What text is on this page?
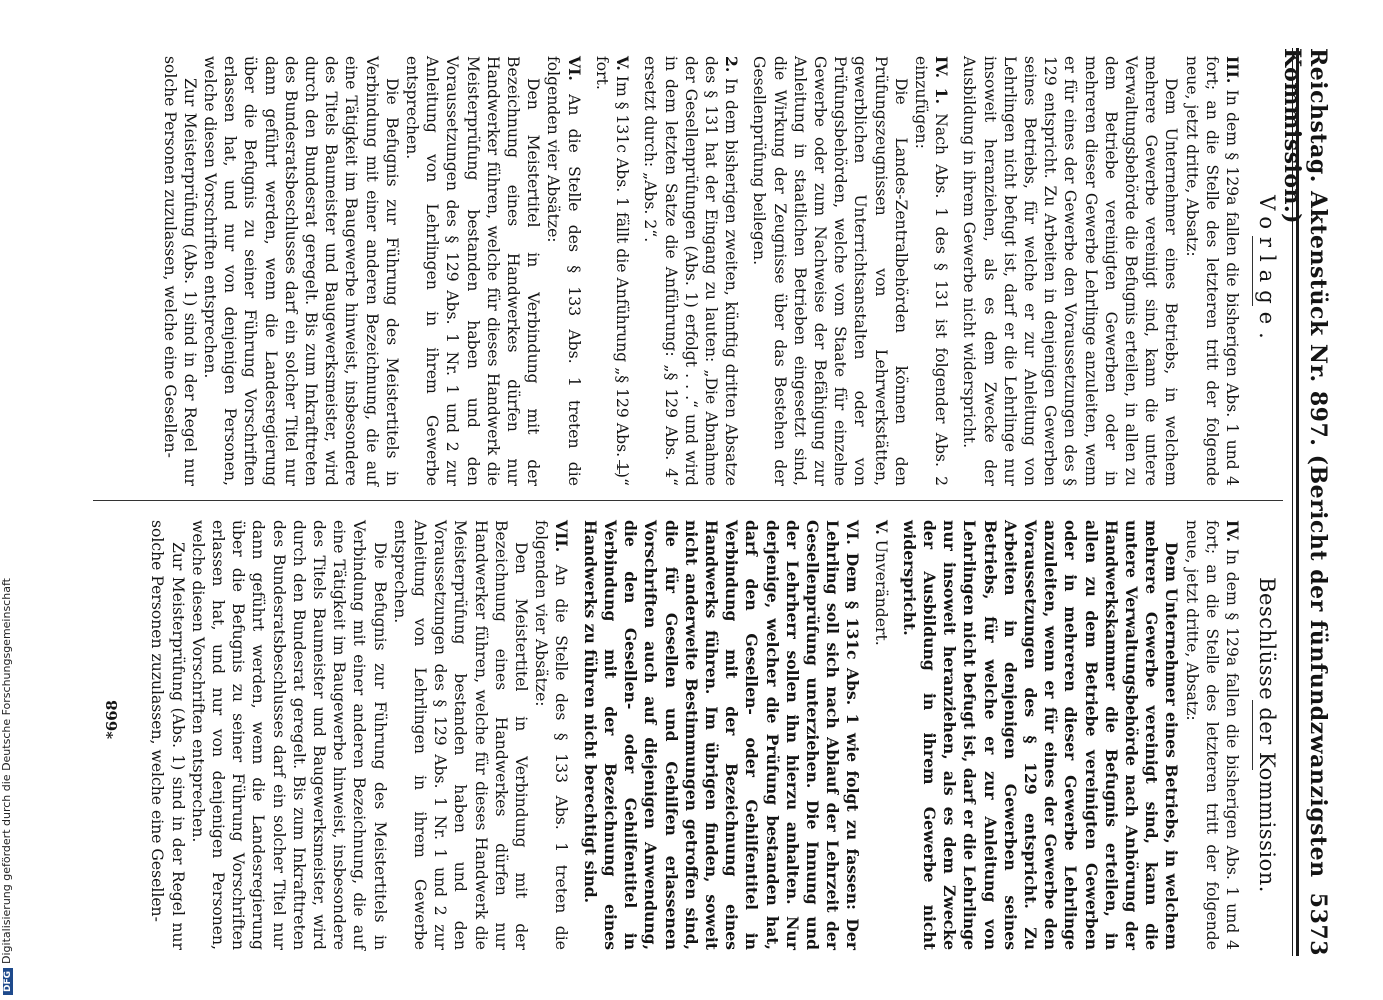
Reichstag. Aktenstück Nr. 897. (Bericht der fünfundzwanzigsten Kommission.)
5373
Vorlage.

III. In dem § 129a fallen die bisherigen Abs. 1 und 4 fort; an die Stelle des letzteren tritt der folgende neue, jetzt dritte, Absatz:

Dem Unternehmer eines Betriebs, in welchem mehrere Gewerbe vereinigt sind, kann die untere Verwaltungsbehörde die Befugnis erteilen, in allen zu dem Betriebe vereinigten Gewerben oder in mehreren dieser Gewerbe Lehrlinge anzuleiten, wenn er für eines der Gewerbe den Voraussetzungen des § 129 entspricht. Zu Arbeiten in denjenigen Gewerben seines Betriebs, für welche er zur Anleitung von Lehrlingen nicht befugt ist, darf er die Lehrlinge nur insoweit heranziehen, als es dem Zwecke der Ausbildung in ihrem Gewerbe nicht widerspricht.

IV. 1. Nach Abs. 1 des § 131 ist folgender Abs. 2 einzufügen:

Die Landes-Zentralbehörden können den Prüfungszeugnissen von Lehrwerkstätten, gewerblichen Unterrichtsanstalten oder von Prüfungsbehörden, welche vom Staate für einzelne Gewerbe oder zum Nachweise der Befähigung zur Anleitung in staatlichen Betrieben eingesetzt sind, die Wirkung der Zeugnisse über das Bestehen der Gesellenprüfung beilegen.

2. In dem bisherigen zweiten, künftig dritten Absatze des § 131 hat der Eingang zu lauten: „Die Abnahme der Gesellenprüfungen (Abs. 1) erfolgt . . .“ und wird in dem letzten Satze die Anführung: „§ 129 Abs. 4“ ersetzt durch: „Abs. 2“.

V. Im § 131c Abs. 1 fällt die Anführung „§ 129 Abs. 1)“ fort.

VI. An die Stelle des § 133 Abs. 1 treten die folgenden vier Absätze:

Den Meistertitel in Verbindung mit der Bezeichnung eines Handwerkes dürfen nur Handwerker führen, welche für dieses Handwerk die Meisterprüfung bestanden haben und den Voraussetzungen des § 129 Abs. 1 Nr. 1 und 2 zur Anleitung von Lehrlingen in ihrem Gewerbe entsprechen.

Die Befugnis zur Führung des Meistertitels in Verbindung mit einer anderen Bezeichnung, die auf eine Tätigkeit im Baugewerbe hinweist, insbesondere des Titels Baumeister und Baugewerksmeister, wird durch den Bundesrat geregelt. Bis zum Inkrafttreten des Bundesratsbeschlusses darf ein solcher Titel nur dann geführt werden, wenn die Landesregierung über die Befugnis zu seiner Führung Vorschriften erlassen hat, und nur von denjenigen Personen, welche diesen Vorschriften entsprechen.

Zur Meisterprüfung (Abs. 1) sind in der Regel nur solche Personen zuzulassen, welche eine Gesellen-

Beschlüsse der Kommission.

IV. In dem § 129a fallen die bisherigen Abs. 1 und 4 fort; an die Stelle des letzteren tritt der folgende neue, jetzt dritte, Absatz:

Dem Unternehmer eines Betriebs, in welchem mehrere Gewerbe vereinigt sind, kann die untere Verwaltungsbehörde nach Anhörung der Handwerkskammer die Befugnis erteilen, in allen zu dem Betriebe vereinigten Gewerben oder in mehreren dieser Gewerbe Lehrlinge anzuleiten, wenn er für eines der Gewerbe den Voraussetzungen des § 129 entspricht. Zu Arbeiten in denjenigen Gewerben seines Betriebs, für welche er zur Anleitung von Lehrlingen nicht befugt ist, darf er die Lehrlinge nur insoweit heranziehen, als es dem Zwecke der Ausbildung in ihrem Gewerbe nicht widerspricht.

V. Unverändert.

VI. Dem § 131c Abs. 1 wie folgt zu fassen: Der Lehrling soll sich nach Ablauf der Lehrzeit der Gesellenprüfung unterziehen. Die Innung und der Lehrherr sollen ihn hierzu anhalten. Nur derjenige, welcher die Prüfung bestanden hat, darf den Gesellen- oder Gehilfentitel in Verbindung mit der Bezeichnung eines Handwerks führen. Im übrigen finden, soweit nicht anderweite Bestimmungen getroffen sind, die für Gesellen und Gehilfen erlassenen Vorschriften auch auf diejenigen Anwendung, die den Gesellen- oder Gehilfentitel in Verbindung mit der Bezeichnung eines Handwerks zu führen nicht berechtigt sind.

VII. An die Stelle des § 133 Abs. 1 treten die folgenden vier Absätze:

Den Meistertitel in Verbindung mit der Bezeichnung eines Handwerkes dürfen nur Handwerker führen, welche für dieses Handwerk die Meisterprüfung bestanden haben und den Voraussetzungen des § 129 Abs. 1 Nr. 1 und 2 zur Anleitung von Lehrlingen in ihrem Gewerbe entsprechen.

Die Befugnis zur Führung des Meistertitels in Verbindung mit einer anderen Bezeichnung, die auf eine Tätigkeit im Baugewerbe hinweist, insbesondere des Titels Baumeister und Baugewerksmeister, wird durch den Bundesrat geregelt. Bis zum Inkrafttreten des Bundesratsbeschlusses darf ein solcher Titel nur dann geführt werden, wenn die Landesregierung über die Befugnis zu seiner Führung Vorschriften erlassen hat, und nur von denjenigen Personen, welche diesen Vorschriften entsprechen.

Zur Meisterprüfung (Abs. 1) sind in der Regel nur solche Personen zuzulassen, welche eine Gesellen-

*668
DFGDigitalisierung gefördert durch die Deutsche Forschungsgemeinschaft
